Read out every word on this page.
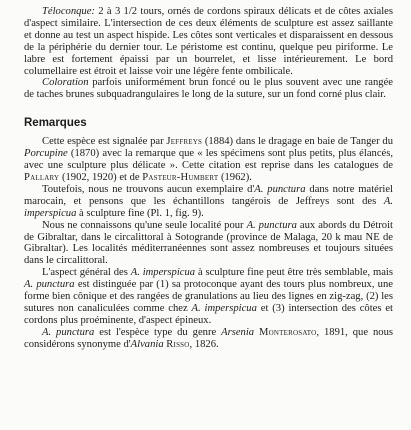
Téloconque: 2 à 3 1/2 tours, ornés de cordons spiraux délicats et de côtes axiales d'aspect similaire. L'intersection de ces deux éléments de sculpture est assez saillante et donne au test un aspect hispide. Les côtes sont verticales et disparaissent en dessous de la périphérie du dernier tour. Le péristome est continu, quelque peu piriforme. Le labre est fortement épaissi par un bourrelet, et lisse intérieurement. Le bord columellaire est étroit et laisse voir une légère fente ombilicale.

Coloration parfois uniformément brun foncé ou le plus souvent avec une rangée de taches brunes subquadrangulaires le long de la suture, sur un fond corné plus clair.

Remarques

Cette espèce est signalée par Jeffreys (1884) dans le dragage en baie de Tanger du Porcupine (1870) avec la remarque que « les spécimens sont plus petits, plus élancés, avec une sculpture plus délicate ». Cette citation est reprise dans les catalogues de Pallary (1902, 1920) et de Pasteur-Humbert (1962).

Toutefois, nous ne trouvons aucun exemplaire d'A. punctura dans notre matériel marocain, et pensons que les échantillons tangérois de Jeffreys sont des A. imperspicua à sculpture fine (Pl. 1, fig. 9).

Nous ne connaissons qu'une seule localité pour A. punctura aux abords du Détroit de Gibraltar, dans le circalittoral à Sotogrande (province de Malaga, 20 k mau NE de Gibraltar). Les localités méditerranéennes sont assez nombreuses et toujours situées dans le circalittoral.

L'aspect général des A. imperspicua à sculpture fine peut être très semblable, mais A. punctura est distinguée par (1) sa protoconque ayant des tours plus nombreux, une forme bien cônique et des rangées de granulations au lieu des lignes en zig-zag, (2) les sutures non canaliculées comme chez A. imperspicua et (3) intersection des côtes et cordons plus proéminente, d'aspect épineux.

A. punctura est l'espèce type du genre Arsenia Monterosato, 1891, que nous considérons synonyme d'Alvania Risso, 1826.
